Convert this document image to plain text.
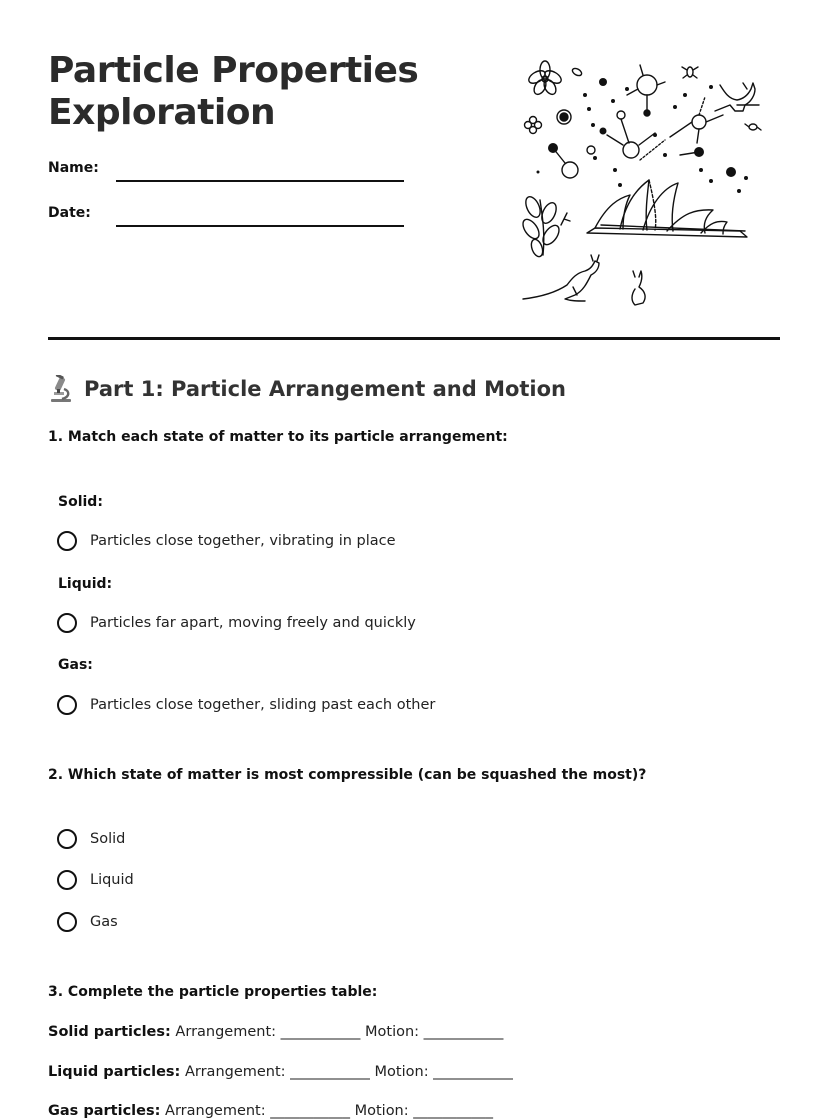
Particle Properties
Exploration
Name:
Date:
Part 1: Particle Arrangement and Motion
1. Match each state of matter to its particle arrangement:
Solid:
Particles close together, vibrating in place
Liquid:
Particles far apart, moving freely and quickly
Gas:
Particles close together, sliding past each other
2. Which state of matter is most compressible (can be squashed the most)?
Solid
Liquid
Gas
3. Complete the particle properties table:
Solid particles: Arrangement: ___________ Motion: ___________
Liquid particles: Arrangement: ___________ Motion: ___________
Gas particles: Arrangement: ___________ Motion: ___________
